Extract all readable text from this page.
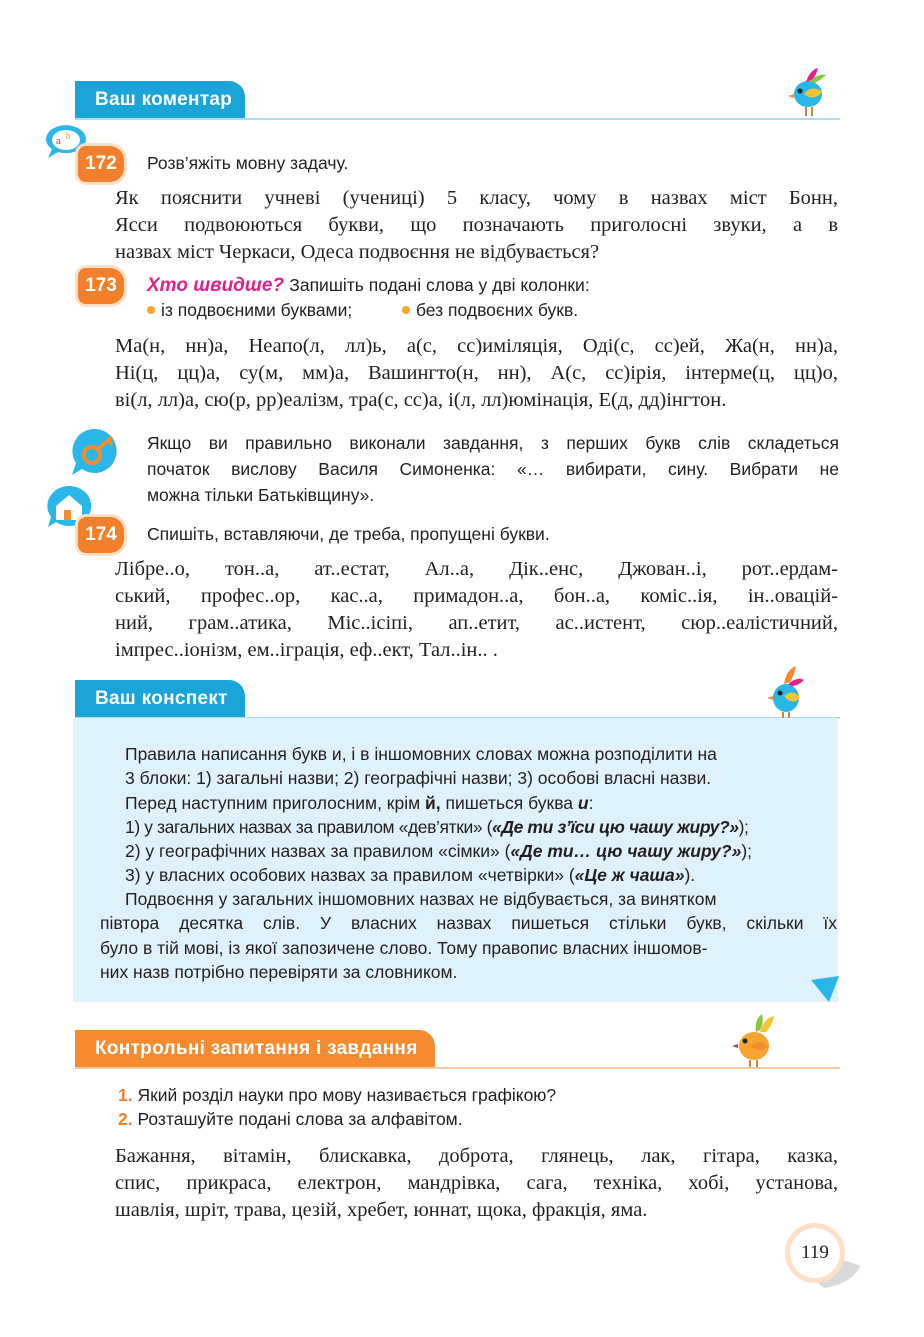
Ваш коментар
a b
172	Розв’яжіть мовну задачу.
Як пояснити учневі (учениці) 5 класу, чому в назвах міст Бонн,
Яcси подвоюються букви, що позначають приголосні звуки, а в
назвах міст Черкаси, Одеса подвоєння не відбувається?
173	Хто швидше? Запишіть подані слова у дві колонки:
із подвоєними буквами;	без подвоєних букв.
Ма(н, нн)а, Неапо(л, лл)ь, а(с, сс)иміляція, Оді(с, сс)ей, Жа(н, нн)а,
Ні(ц, цц)а, су(м, мм)а, Вашингто(н, нн), А(с, сс)ірія, інтерме(ц, цц)о,
ві(л, лл)а, сю(р, рр)еалізм, тра(с, сс)а, і(л, лл)юмінація, Е(д, дд)інгтон.
Якщо ви правильно виконали завдання, з перших букв слів складеться
початок вислову Василя Симоненка: «… вибирати, сину. Вибрати не
можна тільки Батьківщину».
174	Спишіть, вставляючи, де треба, пропущені букви.
Лібре..о, тон..а, ат..естат, Ал..а, Дік..енс, Джован..і, рот..ердам-
ський, профес..ор, кас..а, примадон..а, бон..а, коміс..ія, ін..овацій-
ний, грам..атика, Міс..ісіпі, ап..етит, ас..истент, сюр..еалістичний,
імпрес..іонізм, ем..іграція, еф..ект, Тал..ін.. .
Ваш конспект
Правила написання букв и, і в іншомовних словах можна розподілити на
3 блоки: 1) загальні назви; 2) географічні назви; 3) особові власні назви.
Перед наступним приголосним, крім й, пишеться буква и:
1) у загальних назвах за правилом «дев’ятки» («Де ти з’їси цю чашу жиру?»);
2) у географічних назвах за правилом «сімки» («Де ти… цю чашу жиру?»);
3) у власних особових назвах за правилом «четвірки» («Це ж чаша»).
Подвоєння у загальних іншомовних назвах не відбувається, за винятком
півтора десятка слів. У власних назвах пишеться стільки букв, скільки їх
було в тій мові, із якої запозичене слово. Тому правопис власних іншомов-
них назв потрібно перевіряти за словником.
Контрольні запитання і завдання
1. Який розділ науки про мову називається графікою?
2. Розташуйте подані слова за алфавітом.
Бажання, вітамін, блискавка, доброта, глянець, лак, гітара, казка,
спис, прикраса, електрон, мандрівка, сага, техніка, хобі, установа,
шавлія, шріт, трава, цезій, хребет, юннат, щока, фракція, яма.
119
